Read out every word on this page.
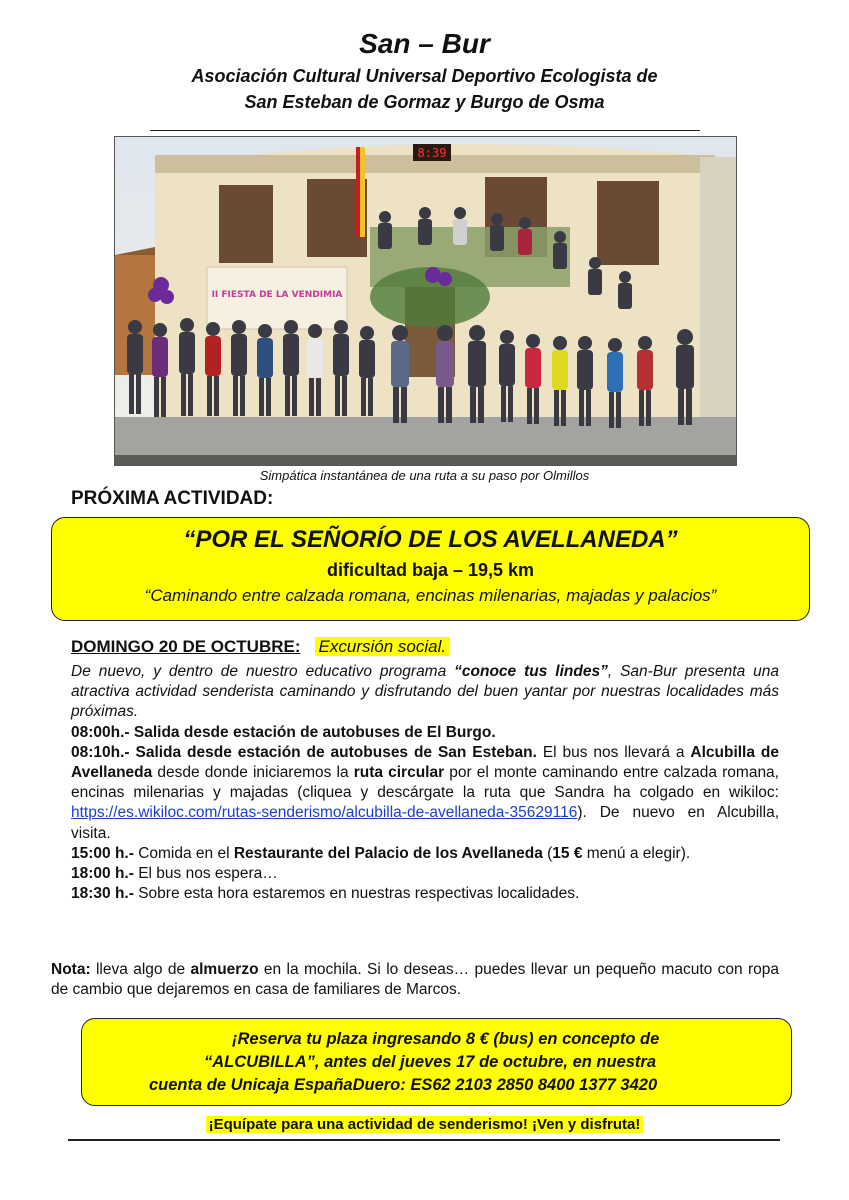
San – Bur
Asociación Cultural Universal Deportivo Ecologista de
San Esteban de Gormaz y Burgo de Osma
8:39
II FIESTA DE LA VENDIMIA
Simpática instantánea de una ruta a su paso por Olmillos
PRÓXIMA ACTIVIDAD:
“POR EL SEÑORÍO DE LOS AVELLANEDA”
dificultad baja – 19,5 km
“Caminando entre calzada romana, encinas milenarias, majadas y palacios”
DOMINGO 20 DE OCTUBRE: Excursión social.

De nuevo, y dentro de nuestro educativo programa “conoce tus lindes”, San-Bur presenta una atractiva actividad senderista caminando y disfrutando del buen yantar por nuestras localidades más próximas.

08:00h.- Salida desde estación de autobuses de El Burgo.

08:10h.- Salida desde estación de autobuses de San Esteban. El bus nos llevará a Alcubilla de Avellaneda desde donde iniciaremos la ruta circular por el monte caminando entre calzada romana, encinas milenarias y majadas (cliquea y descárgate la ruta que Sandra ha colgado en wikiloc: https://es.wikiloc.com/rutas-senderismo/alcubilla-de-avellaneda-35629116). De nuevo en Alcubilla, visita.

15:00 h.- Comida en el Restaurante del Palacio de los Avellaneda (15 € menú a elegir).

18:00 h.- El bus nos espera…

18:30 h.- Sobre esta hora estaremos en nuestras respectivas localidades.

Nota: lleva algo de almuerzo en la mochila. Si lo deseas… puedes llevar un pequeño macuto con ropa de cambio que dejaremos en casa de familiares de Marcos.
¡Reserva tu plaza ingresando 8 € (bus) en concepto de
“ALCUBILLA”, antes del jueves 17 de octubre, en nuestra
cuenta de Unicaja EspañaDuero: ES62 2103 2850 8400 1377 3420
¡Equípate para una actividad de senderismo! ¡Ven y disfruta!
